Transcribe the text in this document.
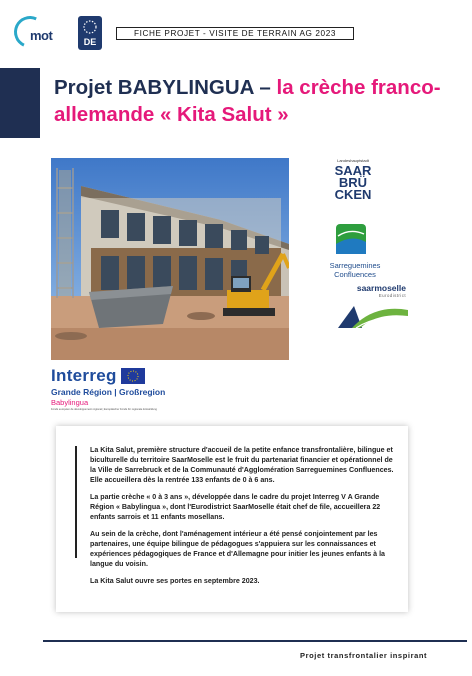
mot	DE
FICHE PROJET - VISITE DE TERRAIN AG 2023
Projet BABYLINGUA – la crèche franco-allemande « Kita Salut »
Landeshauptstadt
SAAR
BRÜ
CKEN
Sarreguemines
Confluences
saarmoselle
Eurodistrict
Interreg
Grande Région | Großregion
Babylingua
Fonds européen de développement régional | Europäischer Fonds für regionale Entwicklung

La Kita Salut, première structure d'accueil de la petite enfance transfrontalière, bilingue et biculturelle du territoire SaarMoselle est le fruit du partenariat financier et opérationnel de la Ville de Sarrebruck et de la Communauté d'Agglomération Sarreguemines Confluences. Elle accueillera dès la rentrée 133 enfants de 0 à 6 ans.

La partie crèche « 0 à 3 ans », développée dans le cadre du projet Interreg V A Grande Région « Babylingua », dont l'Eurodistrict SaarMoselle était chef de file, accueillera 22 enfants sarrois et 11 enfants mosellans.

Au sein de la crèche, dont l'aménagement intérieur a été pensé conjointement par les partenaires, une équipe bilingue de pédagogues s'appuiera sur les connaissances et expériences pédagogiques de France et d'Allemagne pour initier les jeunes enfants à la langue du voisin.

La Kita Salut ouvre ses portes en septembre 2023.

Projet transfrontalier inspirant
